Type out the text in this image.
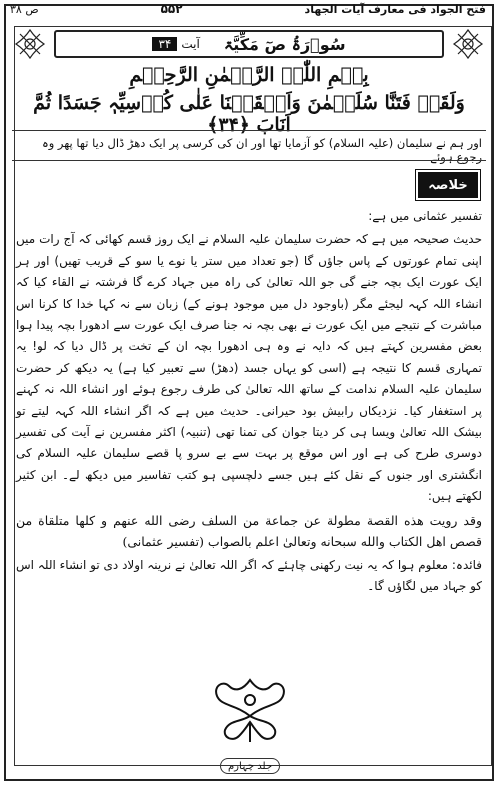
ص ۳۸	۵۵۲	فتح الجواد فی معارف آیات الجهاد
آیت
۳۴	سُوۡرَۃُ صٓ مَکِّیَّۃ
بِسۡمِ اللّٰہِ الرَّحۡمٰنِ الرَّحِیۡمِ
وَلَقَدۡ فَتَنَّا سُلَیۡمٰنَ وَاَلۡقَیۡنَا عَلٰی کُرۡسِیِّہٖ جَسَدًا ثُمَّ اَنَابَ ﴿۳۴﴾
اور ہم نے سلیمان (علیہ السلام) کو آزمایا تھا اور ان کی کرسی پر ایک دھڑ ڈال دیا تھا پھر وہ رجوع ہوئے۔
خلاصہ

تفسیر عثمانی میں ہے:

حدیث صحیحہ میں ہے کہ حضرت سلیمان علیہ السلام نے ایک روز قسم کھائی کہ آج رات میں اپنی تمام عورتوں کے پاس جاؤں گا (جو تعداد میں ستر یا نوے یا سو کے قریب تھیں) اور ہر ایک عورت ایک بچہ جنے گی جو اللہ تعالیٰ کی راہ میں جہاد کرے گا فرشتہ نے القاء کیا کہ انشاء اللہ کہہ لیجئے مگر (باوجود دل میں موجود ہونے کے) زبان سے نہ کہا خدا کا کرنا اس مباشرت کے نتیجے میں ایک عورت نے بھی بچہ نہ جنا صرف ایک عورت سے ادھورا بچہ پیدا ہوا بعض مفسرین کہتے ہیں کہ دایہ نے وہ ہی ادھورا بچہ ان کے تخت پر ڈال دیا کہ لو! یہ تمہاری قسم کا نتیجہ ہے (اسی کو یہاں جسد (دھڑ) سے تعبیر کیا ہے) یہ دیکھ کر حضرت سلیمان علیہ السلام ندامت کے ساتھ اللہ تعالیٰ کی طرف رجوع ہوئے اور انشاء اللہ نہ کہنے پر استغفار کیا۔ نزدیکاں رابیش بود حیرانی۔ حدیث میں ہے کہ اگر انشاء اللہ کہہ لیتے تو بیشک اللہ تعالیٰ ویسا ہی کر دیتا جوان کی تمنا تھی (تنبیہ) اکثر مفسرین نے آیت کی تفسیر دوسری طرح کی ہے اور اس موقع پر بہت سے بے سرو پا قصے سلیمان علیہ السلام کی انگشتری اور جنوں کے نقل کئے ہیں جسے دلچسپی ہو کتب تفاسیر میں دیکھ لے۔ ابن کثیر لکھتے ہیں:

وقد رویت هذه القصة مطولة عن جماعة من السلف رضی الله عنهم و كلها متلقاة من قصص اهل الكتاب والله سبحانه وتعالىٰ اعلم بالصواب (تفسیر عثمانی)

فائدہ: معلوم ہوا کہ یہ نیت رکھنی چاہئے کہ اگر اللہ تعالیٰ نے نرینہ اولاد دی تو انشاء اللہ اس کو جہاد میں لگاؤں گا۔

جلد چہارم
